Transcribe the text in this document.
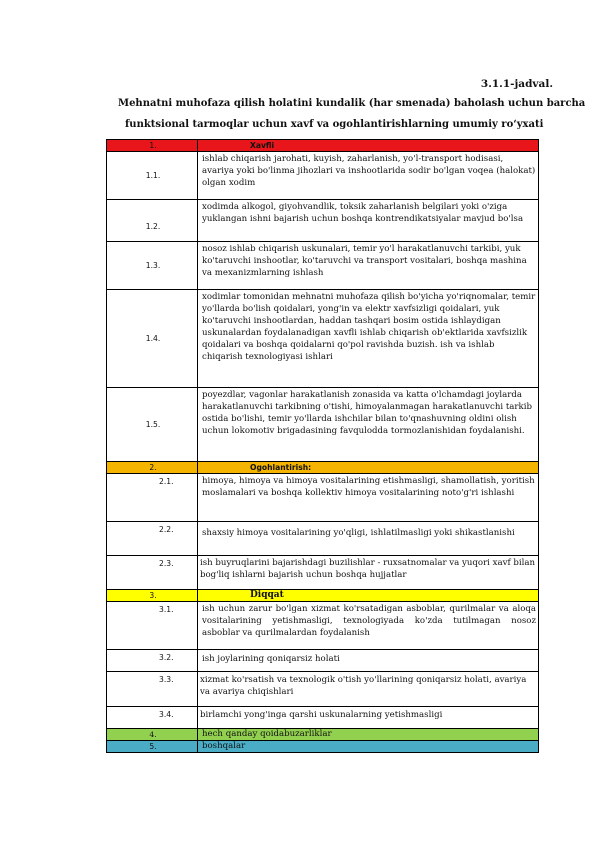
3.1.1-jadval.
Mehnatni muhofaza qilish holatini kundalik (har smenada) baholash uchun barcha
funktsional tarmoqlar uchun xavf va ogohlantirishlarning umumiy ro‘yxati
1.	Xavfli
1.1.	ishlab chiqarish jarohati, kuyish, zaharlanish, yo'l-transport hodisasi, avariya yoki bo'linma jihozlari va inshootlarida sodir bo'lgan voqea (halokat) olgan xodim
1.2.	xodimda alkogol, giyohvandlik, toksik zaharlanish belgilari yoki o'ziga yuklangan ishni bajarish uchun boshqa kontrendikatsiyalar mavjud bo'lsa
1.3.	nosoz ishlab chiqarish uskunalari, temir yo'l harakatlanuvchi tarkibi, yuk ko'taruvchi inshootlar, ko'taruvchi va transport vositalari, boshqa mashina va mexanizmlarning ishlash
1.4.	xodimlar tomonidan mehnatni muhofaza qilish bo'yicha yo'riqnomalar, temir yo'llarda bo'lish qoidalari, yong'in va elektr xavfsizligi qoidalari, yuk ko'taruvchi inshootlardan, haddan tashqari bosim ostida ishlaydigan uskunalardan foydalanadigan xavfli ishlab chiqarish ob'ektlarida xavfsizlik qoidalari va boshqa qoidalarni qo'pol ravishda buzish. ish va ishlab chiqarish texnologiyasi ishlari
1.5.	poyezdlar, vagonlar harakatlanish zonasida va katta o'lchamdagi joylarda harakatlanuvchi tarkibning o'tishi, himoyalanmagan harakatlanuvchi tarkib ostida bo'lishi, temir yo'llarda ishchilar bilan to'qnashuvning oldini olish uchun lokomotiv brigadasining favqulodda tormozlanishidan foydalanishi.
2.	Ogohlantirish:
2.1.	himoya, himoya va himoya vositalarining etishmasligi, shamollatish, yoritish moslamalari va boshqa kollektiv himoya vositalarining noto'g'ri ishlashi
2.2.	shaxsiy himoya vositalarining yo'qligi, ishlatilmasligi yoki shikastlanishi
2.3.	ish buyruqlarini bajarishdagi buzilishlar - ruxsatnomalar va yuqori xavf bilan bog'liq ishlarni bajarish uchun boshqa hujjatlar
3.	Diqqat
3.1.	ish uchun zarur bo'lgan xizmat ko'rsatadigan asboblar, qurilmalar va aloqa vositalarining yetishmasligi, texnologiyada ko'zda tutilmagan nosoz asboblar va qurilmalardan foydalanish
3.2.	ish joylarining qoniqarsiz holati
3.3.	xizmat ko'rsatish va texnologik o'tish yo'llarining qoniqarsiz holati, avariya va avariya chiqishlari
3.4.	birlamchi yong'inga qarshi uskunalarning yetishmasligi
4.	hech qanday qoidabuzarliklar
5.	boshqalar
